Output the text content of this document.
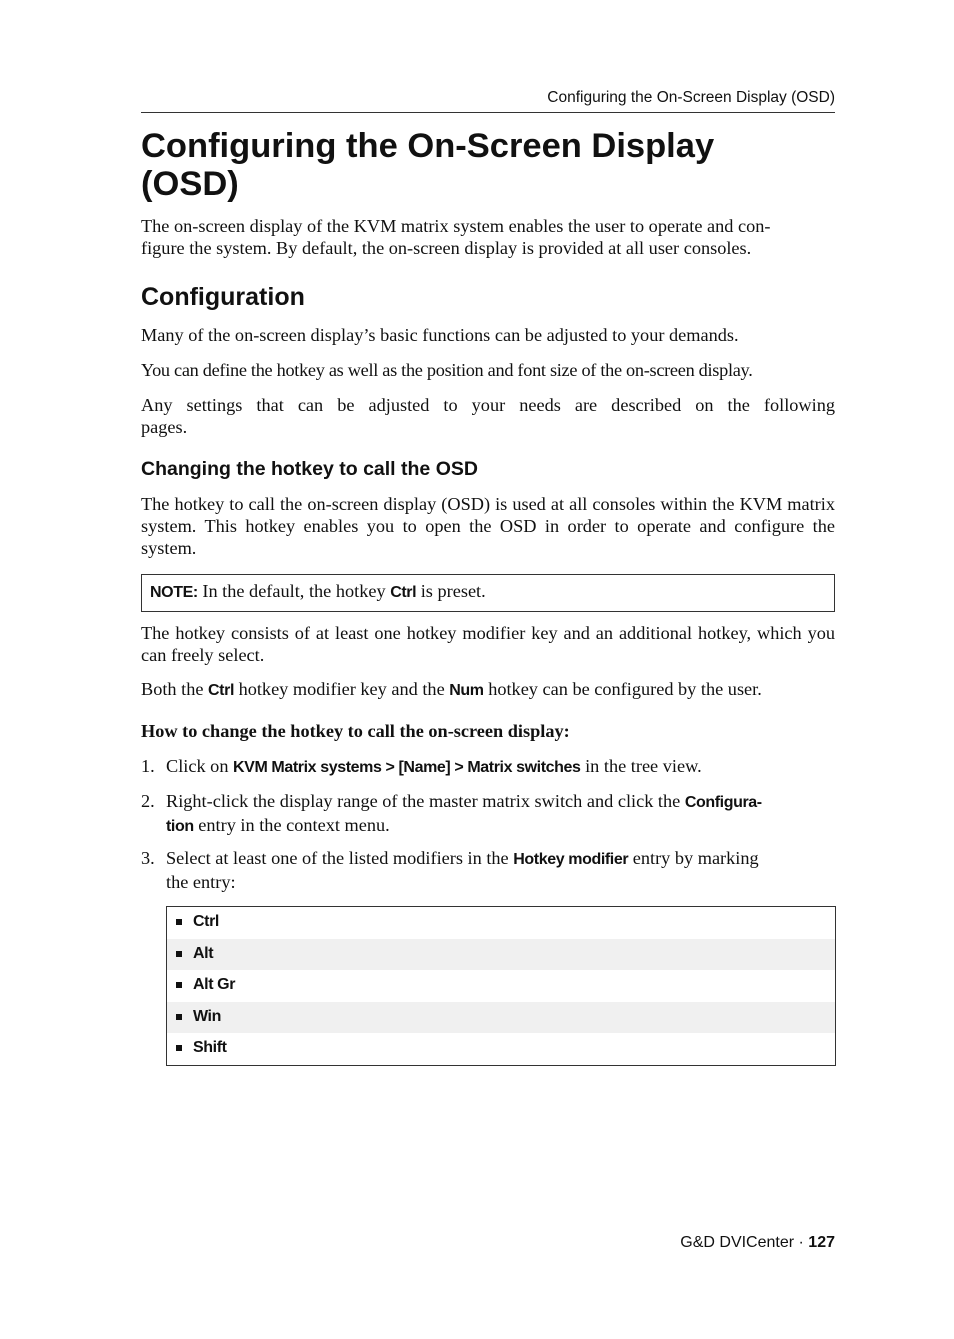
Configuring the On-Screen Display (OSD)
Configuring the On-Screen Display
(OSD)

The on-screen display of the KVM matrix system enables the user to operate and con-

figure the system. By default, the on-screen display is provided at all user consoles.

Configuration

Many of the on-screen display’s basic functions can be adjusted to your demands.

You can define the hotkey as well as the position and font size of the on-screen display.

Any settings that can be adjusted to your needs are described on the following pages.

Changing the hotkey to call the OSD

The hotkey to call the on-screen display (OSD) is used at all consoles within the KVM matrix system. This hotkey enables you to open the OSD in order to operate and configure the system.

NOTE: In the default, the hotkey Ctrl is preset.

The hotkey consists of at least one hotkey modifier key and an additional hotkey, which you can freely select.

Both the Ctrl hotkey modifier key and the Num hotkey can be configured by the user.

How to change the hotkey to call the on-screen display:

1. Click on KVM Matrix systems > [Name] > Matrix switches in the tree view.

2. Right-click the display range of the master matrix switch and click the Configura-
tion entry in the context menu.

3. Select at least one of the listed modifiers in the Hotkey modifier entry by marking
the entry:

Ctrl
Alt
Alt Gr
Win
Shift
G&D DVICenter · 127
